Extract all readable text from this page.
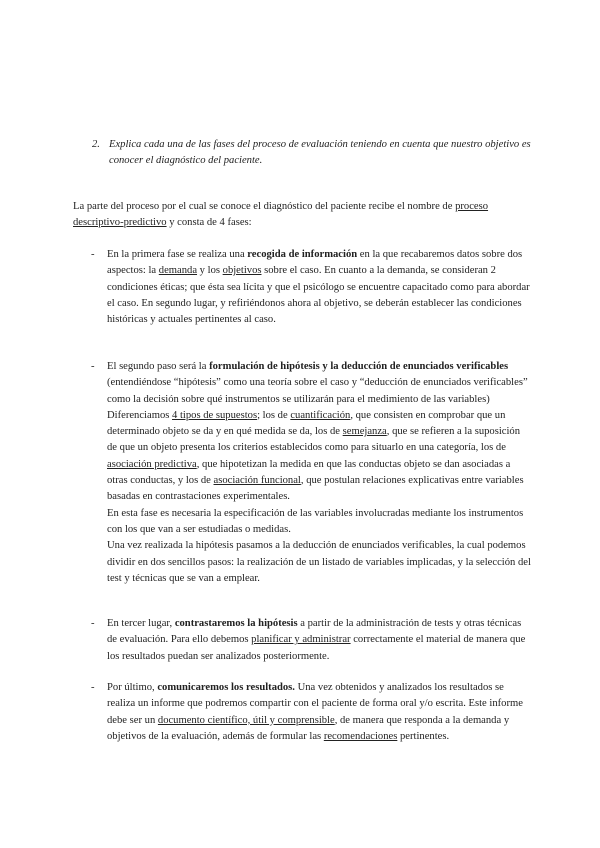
2. Explica cada una de las fases del proceso de evaluación teniendo en cuenta que nuestro objetivo es conocer el diagnóstico del paciente.

La parte del proceso por el cual se conoce el diagnóstico del paciente recibe el nombre de proceso descriptivo-predictivo y consta de 4 fases:

- En la primera fase se realiza una recogida de información en la que recabaremos datos sobre dos aspectos: la demanda y los objetivos sobre el caso. En cuanto a la demanda, se consideran 2 condiciones éticas; que ésta sea lícita y que el psicólogo se encuentre capacitado como para abordar el caso. En segundo lugar, y refiriéndonos ahora al objetivo, se deberán establecer las condiciones históricas y actuales pertinentes al caso.

- El segundo paso será la formulación de hipótesis y la deducción de enunciados verificables (entendiéndose “hipótesis” como una teoría sobre el caso y “deducción de enunciados verificables” como la decisión sobre qué instrumentos se utilizarán para el medimiento de las variables) Diferenciamos 4 tipos de supuestos; los de cuantificación, que consisten en comprobar que un determinado objeto se da y en qué medida se da, los de semejanza, que se refieren a la suposición de que un objeto presenta los criterios establecidos como para situarlo en una categoría, los de asociación predictiva, que hipotetizan la medida en que las conductas objeto se dan asociadas a otras conductas, y los de asociación funcional, que postulan relaciones explicativas entre variables basadas en contrastaciones experimentales.

En esta fase es necesaria la especificación de las variables involucradas mediante los instrumentos con los que van a ser estudiadas o medidas.

Una vez realizada la hipótesis pasamos a la deducción de enunciados verificables, la cual podemos dividir en dos sencillos pasos: la realización de un listado de variables implicadas, y la selección del test y técnicas que se van a emplear.

- En tercer lugar, contrastaremos la hipótesis a partir de la administración de tests y otras técnicas de evaluación. Para ello debemos planificar y administrar correctamente el material de manera que los resultados puedan ser analizados posteriormente.

- Por último, comunicaremos los resultados. Una vez obtenidos y analizados los resultados se realiza un informe que podremos compartir con el paciente de forma oral y/o escrita. Este informe debe ser un documento científico, útil y comprensible, de manera que responda a la demanda y objetivos de la evaluación, además de formular las recomendaciones pertinentes.
